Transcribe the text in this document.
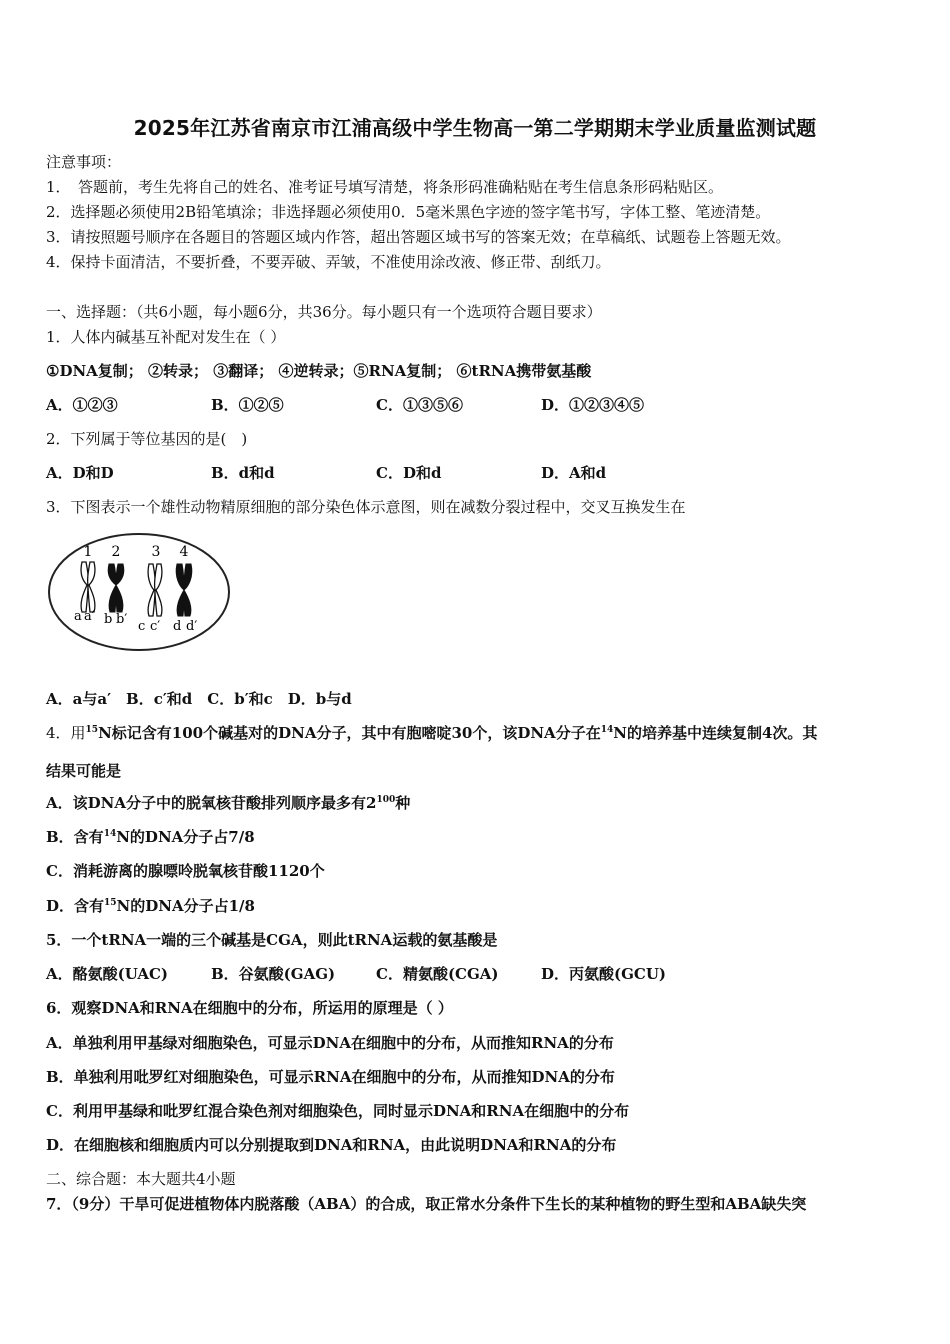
2025年江苏省南京市江浦高级中学生物高一第二学期期末学业质量监测试题
注意事项：
1．　答题前，考生先将自己的姓名、准考证号填写清楚，将条形码准确粘贴在考生信息条形码粘贴区。
2．选择题必须使用2B铅笔填涂；非选择题必须使用0．5毫米黑色字迹的签字笔书写，字体工整、笔迹清楚。
3．请按照题号顺序在各题目的答题区域内作答，超出答题区域书写的答案无效；在草稿纸、试题卷上答题无效。
4．保持卡面清洁，不要折叠，不要弄破、弄皱，不准使用涂改液、修正带、刮纸刀。
一、选择题：（共6小题，每小题6分，共36分。每小题只有一个选项符合题目要求）
1．人体内碱基互补配对发生在（ ）
①DNA复制； ②转录； ③翻译； ④逆转录；⑤RNA复制； ⑥tRNA携带氨基酸
A．①②③	B．①②⑤	C．①③⑤⑥	D．①②③④⑤
2．下列属于等位基因的是(　)
A．D和D	B．d和d	C．D和d	D．A和d
3．下图表示一个雄性动物精原细胞的部分染色体示意图，则在减数分裂过程中，交叉互换发生在
1 2 3 4
a a′ b b′ c c′ d d′
A．a与a′　B．c′和d　C．b′和c　D．b与d
4．用$^{15}$N标记含有100个碱基对的DNA分子，其中有胞嘧啶30个，该DNA分子在$^{14}$N的培养基中连续复制4次。其
结果可能是
A．该DNA分子中的脱氧核苷酸排列顺序最多有$2^{100}$种
B．含有$^{14}$N的DNA分子占7/8
C．消耗游离的腺嘌呤脱氧核苷酸1120个
D．含有$^{15}$N的DNA分子占1/8
5．一个tRNA一端的三个碱基是CGA，则此tRNA运载的氨基酸是
A．酪氨酸(UAC)	B．谷氨酸(GAG)	C．精氨酸(CGA)	D．丙氨酸(GCU)
6．观察DNA和RNA在细胞中的分布，所运用的原理是（ ）
A．单独利用甲基绿对细胞染色，可显示DNA在细胞中的分布，从而推知RNA的分布
B．单独利用吡罗红对细胞染色，可显示RNA在细胞中的分布，从而推知DNA的分布
C．利用甲基绿和吡罗红混合染色剂对细胞染色，同时显示DNA和RNA在细胞中的分布
D．在细胞核和细胞质内可以分别提取到DNA和RNA，由此说明DNA和RNA的分布
二、综合题：本大题共4小题
7．（9分）干旱可促进植物体内脱落酸（ABA）的合成，取正常水分条件下生长的某种植物的野生型和ABA缺失突
